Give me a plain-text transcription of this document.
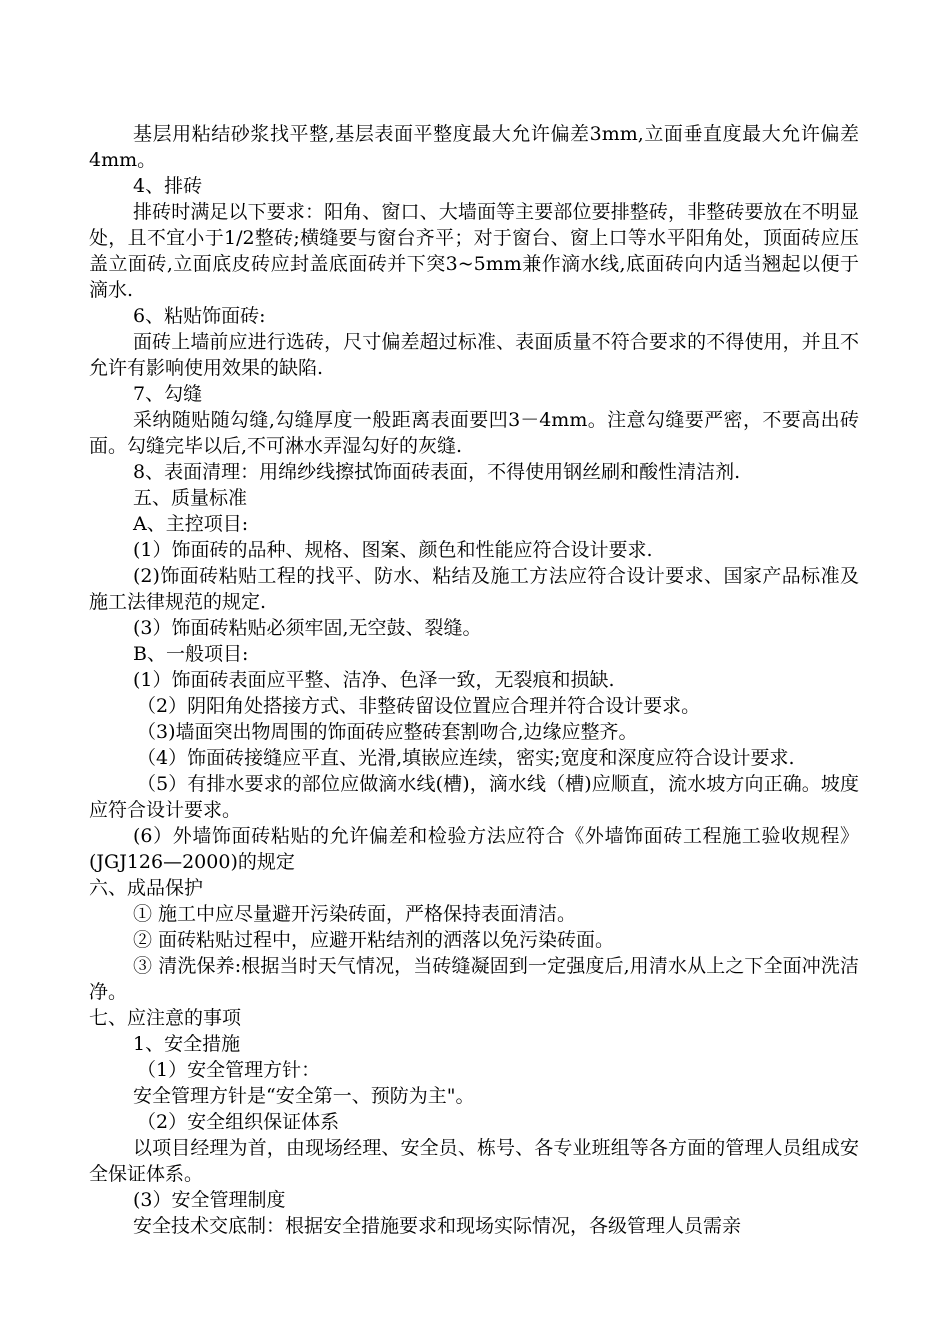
基层用粘结砂浆找平整,基层表面平整度最大允许偏差3mm,立面垂直度最大允许偏差4mm。

4、排砖

排砖时满足以下要求：阳角、窗口、大墙面等主要部位要排整砖，非整砖要放在不明显处，且不宜小于1/2整砖;横缝要与窗台齐平；对于窗台、窗上口等水平阳角处，顶面砖应压盖立面砖,立面底皮砖应封盖底面砖并下突3~5mm兼作滴水线,底面砖向内适当翘起以便于滴水.

6、粘贴饰面砖:

面砖上墙前应进行选砖，尺寸偏差超过标准、表面质量不符合要求的不得使用，并且不允许有影响使用效果的缺陷.

7、勾缝

采纳随贴随勾缝,勾缝厚度一般距离表面要凹3－4mm。注意勾缝要严密，不要高出砖面。勾缝完毕以后,不可淋水弄湿勾好的灰缝.

8、表面清理：用绵纱线擦拭饰面砖表面，不得使用钢丝刷和酸性清洁剂.

五、质量标准

A、主控项目:

(1）饰面砖的品种、规格、图案、颜色和性能应符合设计要求.

(2)饰面砖粘贴工程的找平、防水、粘结及施工方法应符合设计要求、国家产品标准及施工法律规范的规定.

(3）饰面砖粘贴必须牢固,无空鼓、裂缝。

B、一般项目:

(1）饰面砖表面应平整、洁净、色泽一致，无裂痕和损缺.

（2）阴阳角处搭接方式、非整砖留设位置应合理并符合设计要求。

（3)墙面突出物周围的饰面砖应整砖套割吻合,边缘应整齐。

（4）饰面砖接缝应平直、光滑,填嵌应连续，密实;宽度和深度应符合设计要求.

（5）有排水要求的部位应做滴水线(槽)，滴水线（槽)应顺直，流水坡方向正确。坡度应符合设计要求。

(6）外墙饰面砖粘贴的允许偏差和检验方法应符合《外墙饰面砖工程施工验收规程》(JGJ126—2000)的规定

六、成品保护

① 施工中应尽量避开污染砖面，严格保持表面清洁。

② 面砖粘贴过程中，应避开粘结剂的洒落以免污染砖面。

③ 清洗保养:根据当时天气情况，当砖缝凝固到一定强度后,用清水从上之下全面冲洗洁净。

七、应注意的事项

1、安全措施

（1）安全管理方针：

安全管理方针是“安全第一、预防为主"。

（2）安全组织保证体系

以项目经理为首，由现场经理、安全员、栋号、各专业班组等各方面的管理人员组成安全保证体系。

(3）安全管理制度

安全技术交底制：根据安全措施要求和现场实际情况，各级管理人员需亲
